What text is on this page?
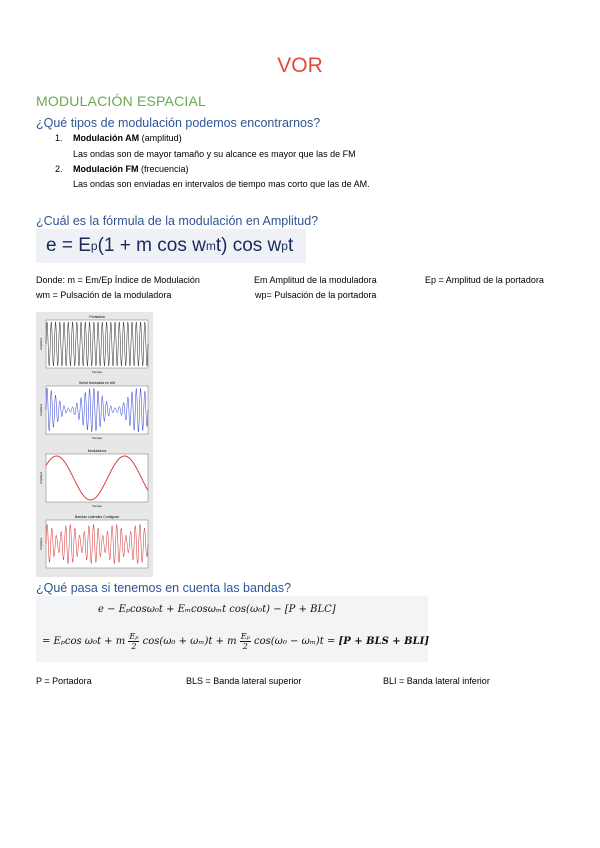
VOR
MODULACIÓN ESPACIAL
¿Qué tipos de modulación podemos encontrarnos?
1. Modulación AM (amplitud)
Las ondas son de mayor tamaño y su alcance es mayor que las de FM
2. Modulación FM (frecuencia)
Las ondas son enviadas en intervalos de tiempo mas corto que las de AM.
¿Cuál es la fórmula de la modulación en Amplitud?
e = E p (1 + m cos w m t) cos w p t
Donde: m = Em/Ep Índice de Modulación	Em Amplitud de la moduladora	Ep = Amplitud de la portadora
wm = Pulsación de la moduladora	wp= Pulsación de la portadora
Portadora
Amplitud
Tiempo
Señal Modulada en AM
Amplitud
Tiempo
Moduladora
Amplitud
Tiempo
Bandas Laterales Contiguas
Amplitud
¿Qué pasa si tenemos en cuenta las bandas?
e − Eₚcosω₀t + Eₘcosωₘt cos(ω₀t) − [P + BLC]
= Eₚcos ω₀t + m $\frac{\text{Eₚ}}{2} \cos(\omega_0 + \omega_m)t + m \frac{\text{Eₚ}}{2} \cos(\omega_0 - \omega_m)t = [P$ + BLS + BLI]
P = Portadora	BLS = Banda lateral superior	BLI = Banda lateral inferior
